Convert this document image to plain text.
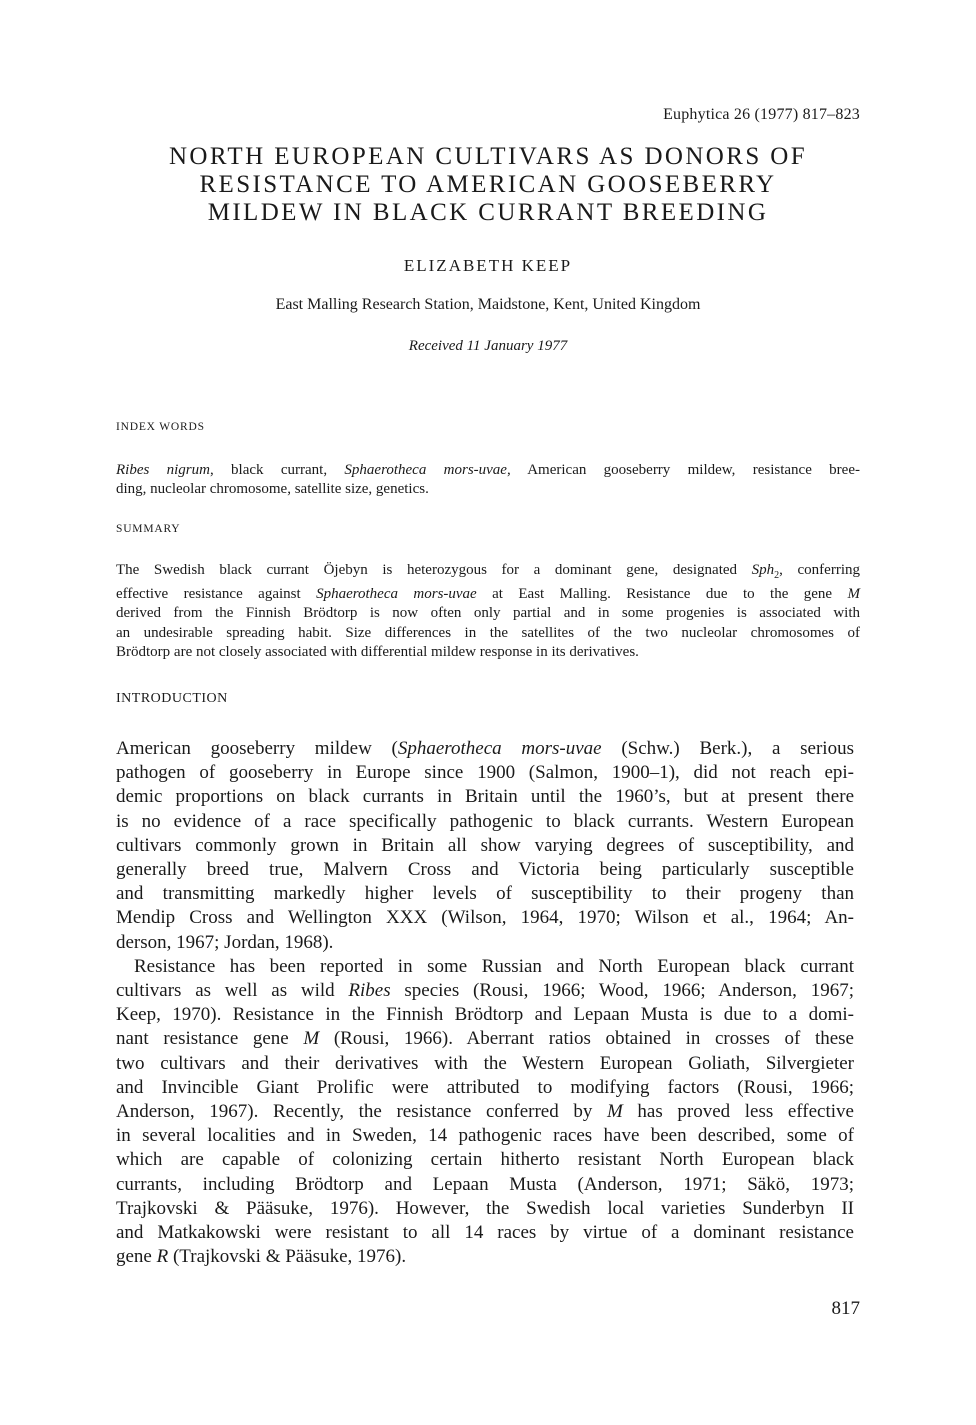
Euphytica 26 (1977) 817–823
NORTH EUROPEAN CULTIVARS AS DONORS OF
RESISTANCE TO AMERICAN GOOSEBERRY
MILDEW IN BLACK CURRANT BREEDING
ELIZABETH KEEP
East Malling Research Station, Maidstone, Kent, United Kingdom
Received 11 January 1977
INDEX WORDS
Ribes nigrum, black currant, Sphaerotheca mors-uvae, American gooseberry mildew, resistance bree-
ding, nucleolar chromosome, satellite size, genetics.
SUMMARY
The Swedish black currant Öjebyn is heterozygous for a dominant gene, designated Sph$_2$, conferring
effective resistance against Sphaerotheca mors-uvae at East Malling. Resistance due to the gene M
derived from the Finnish Brödtorp is now often only partial and in some progenies is associated with
an undesirable spreading habit. Size differences in the satellites of the two nucleolar chromosomes of
Brödtorp are not closely associated with differential mildew response in its derivatives.
INTRODUCTION
American gooseberry mildew (Sphaerotheca mors-uvae (Schw.) Berk.), a serious
pathogen of gooseberry in Europe since 1900 (Salmon, 1900–1), did not reach epi-
demic proportions on black currants in Britain until the 1960’s, but at present there
is no evidence of a race specifically pathogenic to black currants. Western European
cultivars commonly grown in Britain all show varying degrees of susceptibility, and
generally breed true, Malvern Cross and Victoria being particularly susceptible
and transmitting markedly higher levels of susceptibility to their progeny than
Mendip Cross and Wellington XXX (Wilson, 1964, 1970; Wilson et al., 1964; An-
derson, 1967; Jordan, 1968).
Resistance has been reported in some Russian and North European black currant
cultivars as well as wild Ribes species (Rousi, 1966; Wood, 1966; Anderson, 1967;
Keep, 1970). Resistance in the Finnish Brödtorp and Lepaan Musta is due to a domi-
nant resistance gene M (Rousi, 1966). Aberrant ratios obtained in crosses of these
two cultivars and their derivatives with the Western European Goliath, Silvergieter
and Invincible Giant Prolific were attributed to modifying factors (Rousi, 1966;
Anderson, 1967). Recently, the resistance conferred by M has proved less effective
in several localities and in Sweden, 14 pathogenic races have been described, some of
which are capable of colonizing certain hitherto resistant North European black
currants, including Brödtorp and Lepaan Musta (Anderson, 1971; Säkö, 1973;
Trajkovski & Pääsuke, 1976). However, the Swedish local varieties Sunderbyn II
and Matkakowski were resistant to all 14 races by virtue of a dominant resistance
gene R (Trajkovski & Pääsuke, 1976).
817
